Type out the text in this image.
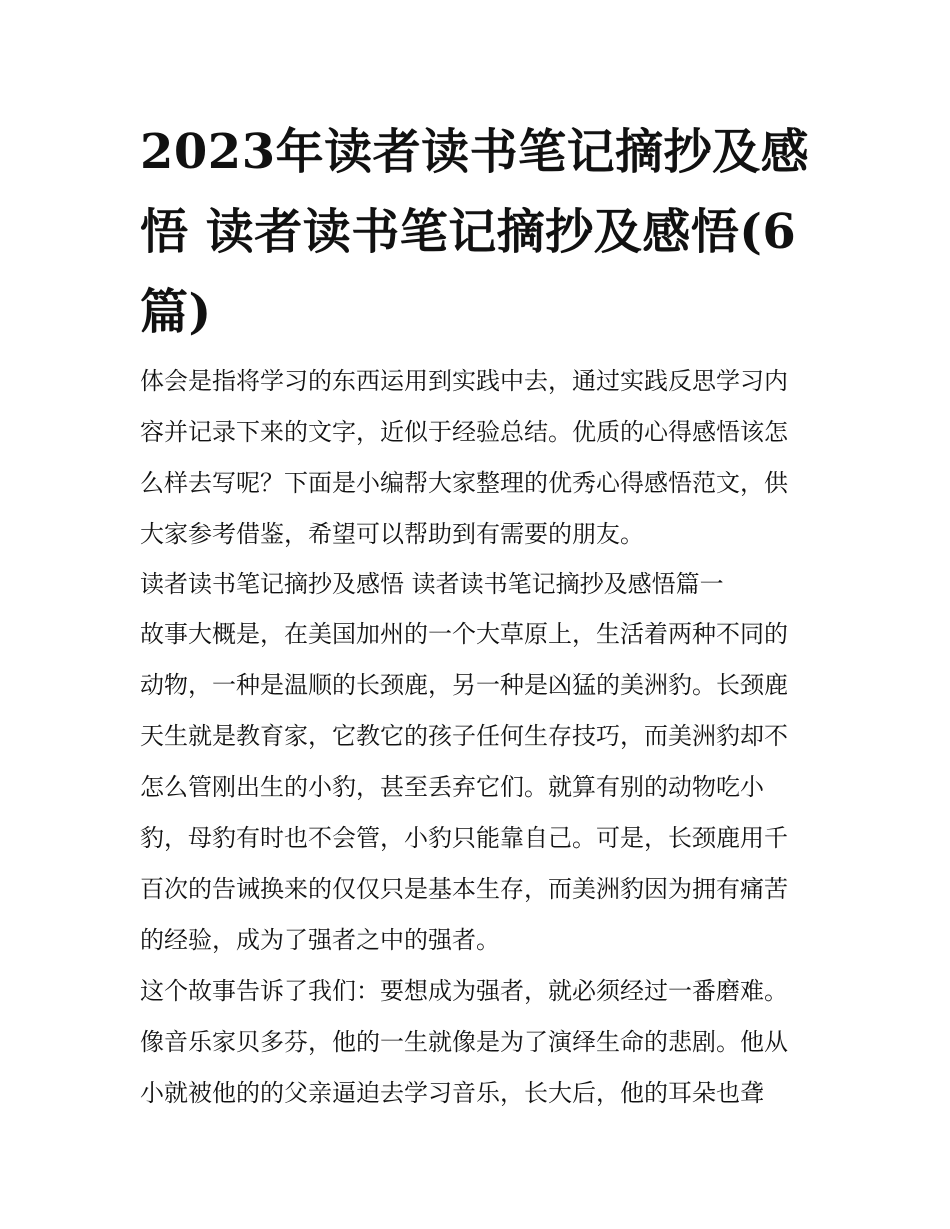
2023年读者读书笔记摘抄及感
悟 读者读书笔记摘抄及感悟(6
篇)
体会是指将学习的东西运用到实践中去，通过实践反思学习内
容并记录下来的文字，近似于经验总结。优质的心得感悟该怎
么样去写呢？下面是小编帮大家整理的优秀心得感悟范文，供
大家参考借鉴，希望可以帮助到有需要的朋友。
读者读书笔记摘抄及感悟 读者读书笔记摘抄及感悟篇一
故事大概是，在美国加州的一个大草原上，生活着两种不同的
动物，一种是温顺的长颈鹿，另一种是凶猛的美洲豹。长颈鹿
天生就是教育家，它教它的孩子任何生存技巧，而美洲豹却不
怎么管刚出生的小豹，甚至丢弃它们。就算有别的动物吃小
豹，母豹有时也不会管，小豹只能靠自己。可是，长颈鹿用千
百次的告诫换来的仅仅只是基本生存，而美洲豹因为拥有痛苦
的经验，成为了强者之中的强者。
这个故事告诉了我们：要想成为强者，就必须经过一番磨难。
像音乐家贝多芬，他的一生就像是为了演绎生命的悲剧。他从
小就被他的的父亲逼迫去学习音乐，长大后，他的耳朵也聋
